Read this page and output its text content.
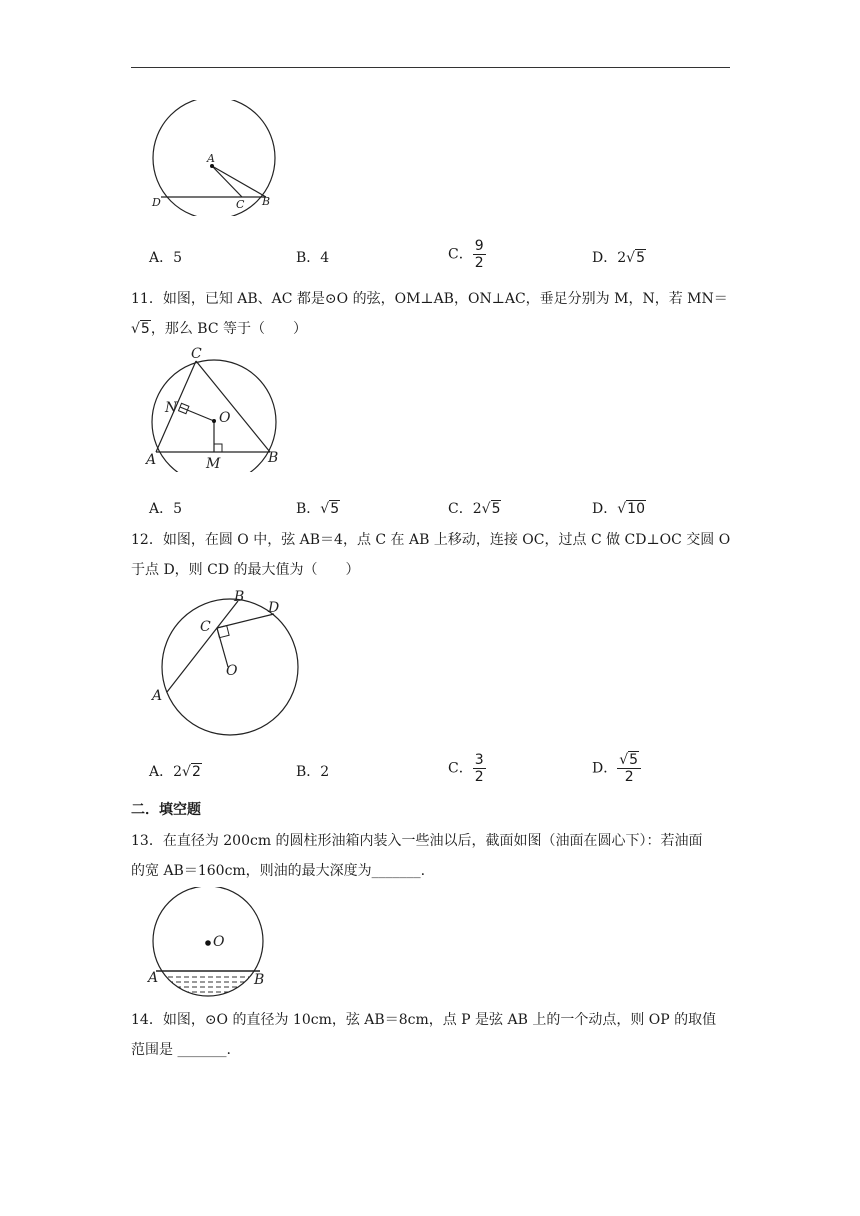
A
D	C B
A．5	B．4	C． $\frac{9}{2}$	D．2√5
11．如图，已知 AB、AC 都是⊙O 的弦，OM⊥AB，ON⊥AC，垂足分别为 M，N，若 MN＝
√5，那么 BC 等于（　　）
C
N
O
A	M	B
A．5	B．√5	C．2√5	D．√10
12．如图，在圆 O 中，弦 AB＝4，点 C 在 AB 上移动，连接 OC，过点 C 做 CD⊥OC 交圆 O
于点 D，则 CD 的最大值为（　　）
B
D
C
O
A
A．2√2	B．2	C． $\frac{3}{2}$	D． $\frac{√5}{2}$
二．填空题
13．在直径为 200cm 的圆柱形油箱内装入一些油以后，截面如图（油面在圆心下）：若油面
的宽 AB＝160cm，则油的最大深度为_______.
O
A	B
14．如图，⊙O 的直径为 10cm，弦 AB＝8cm，点 P 是弦 AB 上的一个动点，则 OP 的取值
范围是 _______.
